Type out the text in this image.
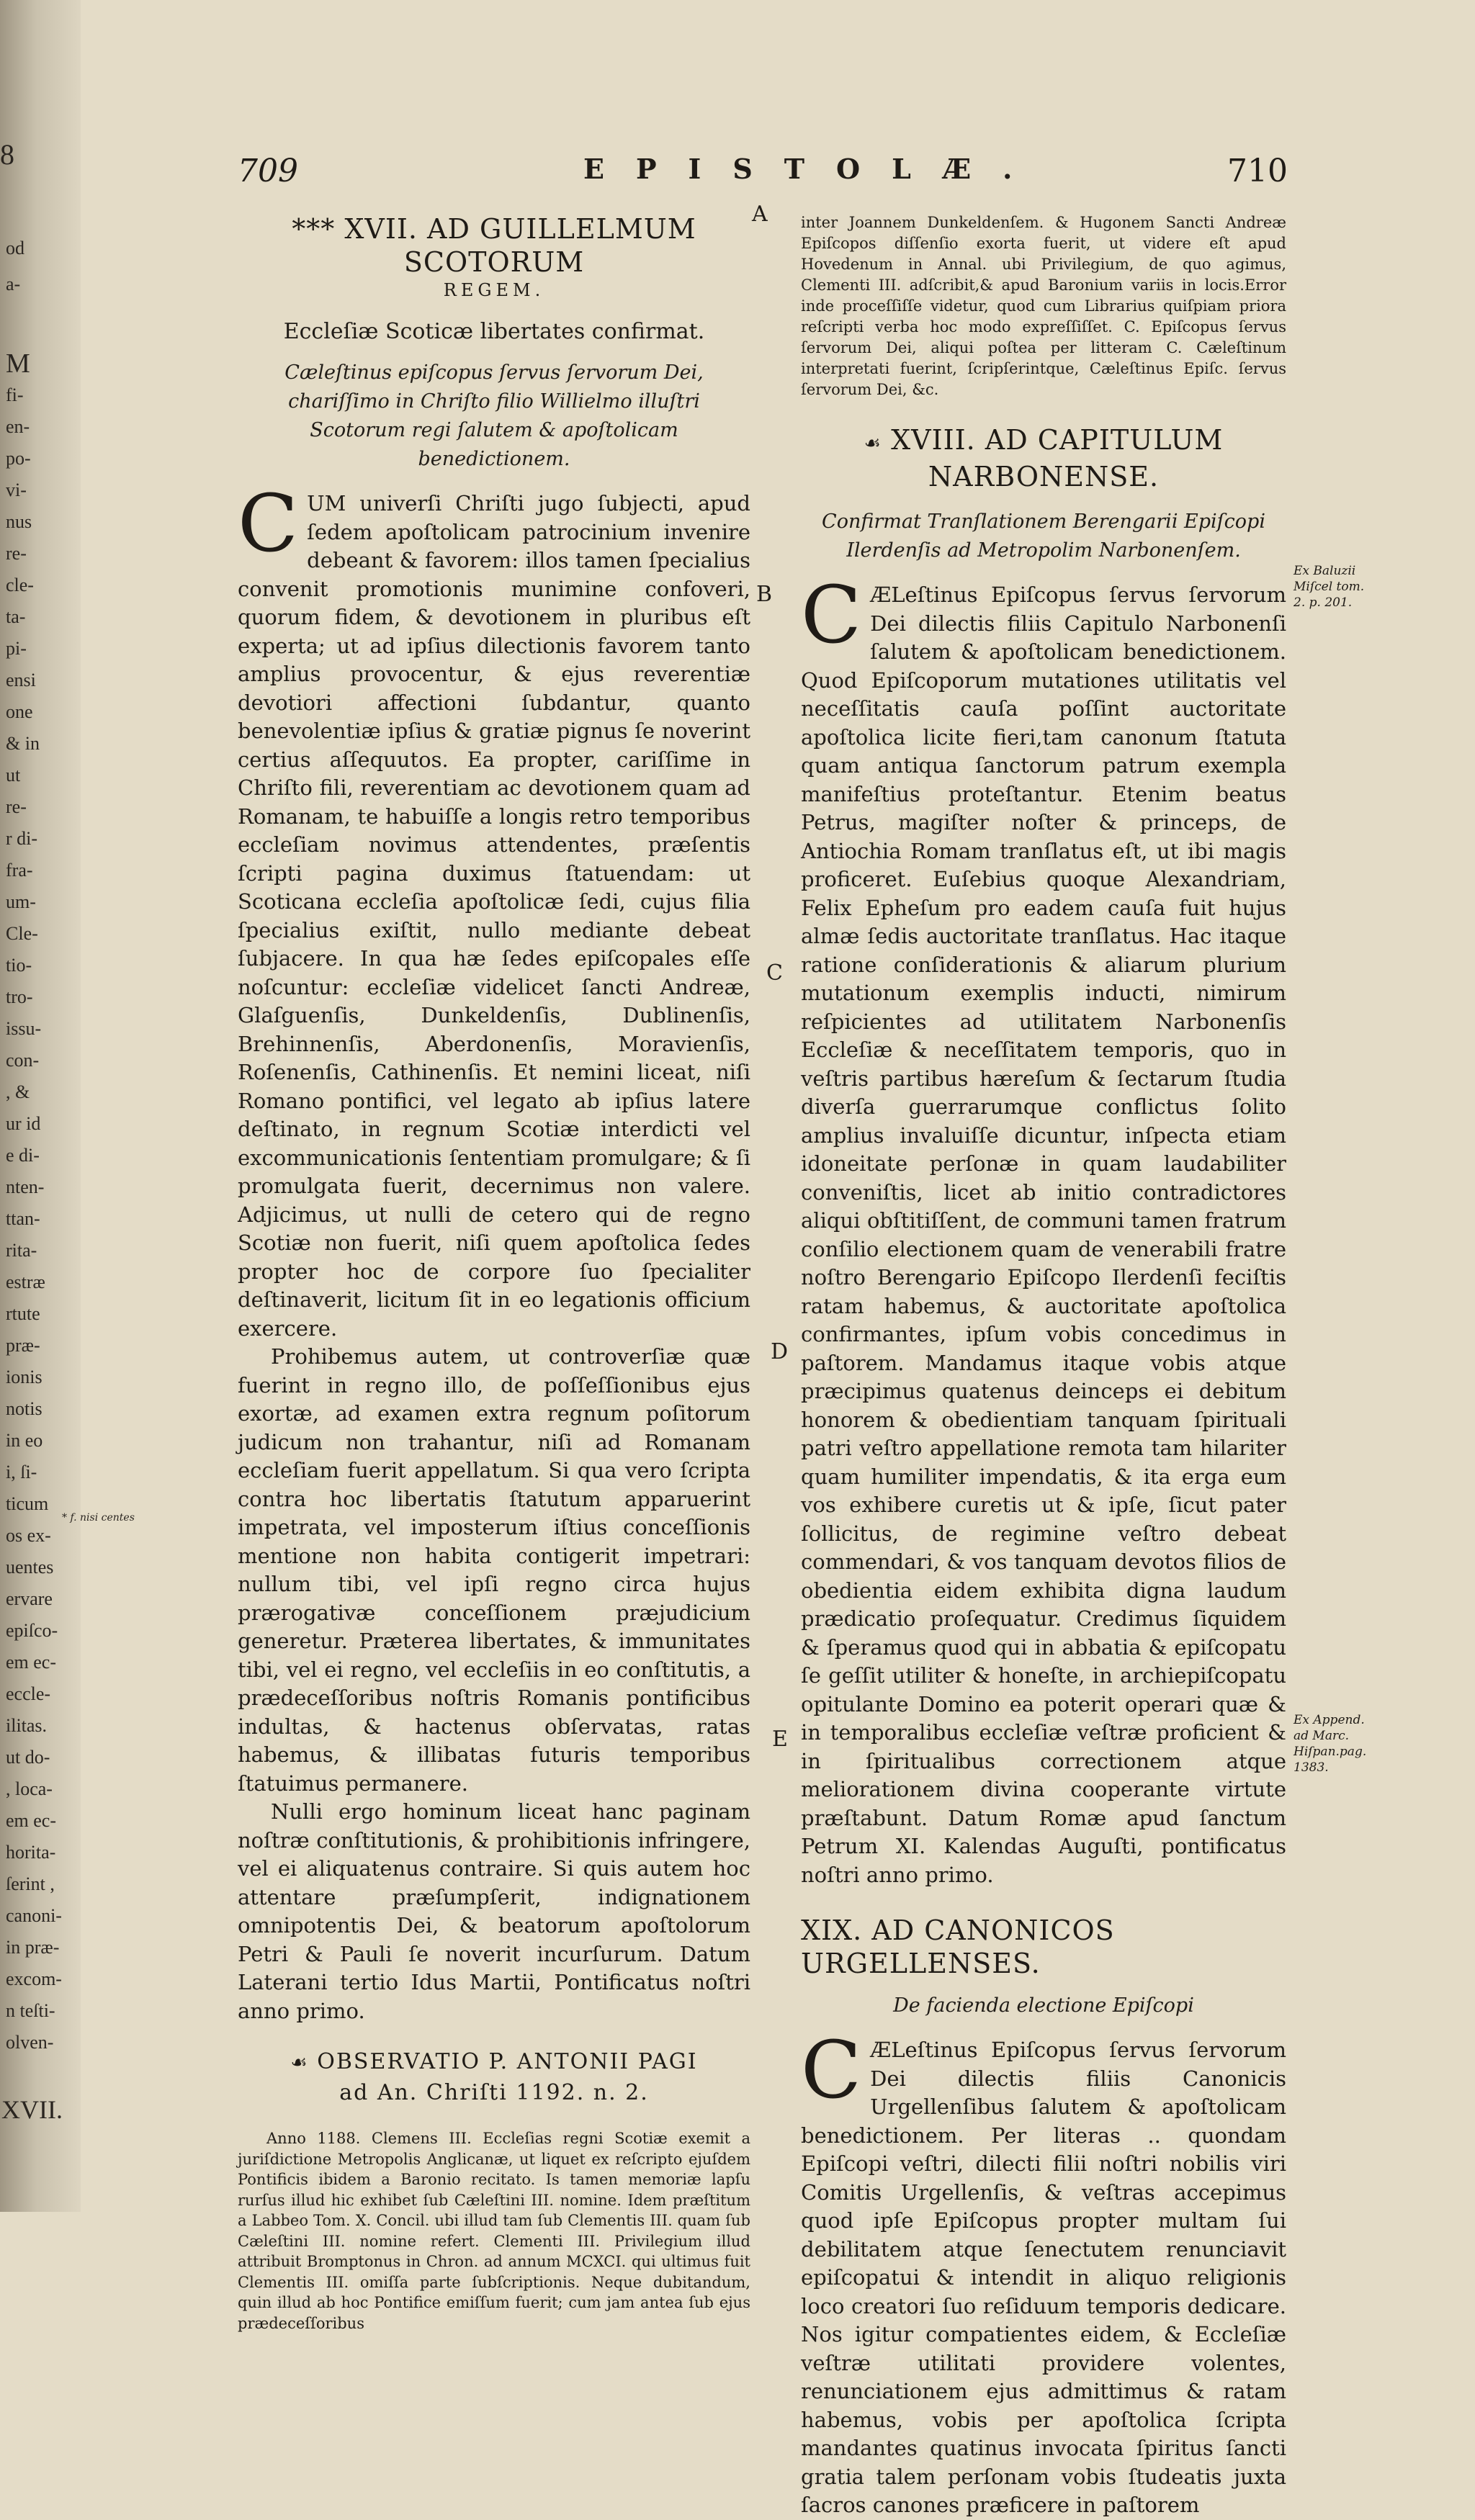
8
od
a-
M
fi-
en-
po-
vi-
nus
re-
cle-
ta-
pi-
ensi
one
& in
ut
re-
r di-
fra-
um-
Cle-
tio-
tro-
issu-
con-
, &
ur id
e di-
nten-
ttan-
rita-
estræ
rtute
præ-
ionis
notis
in eo
i, ſi-
ticum
os ex-
uentes
ervare
epiſco-
em ec-
eccle-
ilitas.
ut do-
, loca-
em ec-
horita-
ſerint ,
canoni-
in præ-
excom-
n teſti-
olven-
XVII.
* f. nisi centes
709	EPISTOLÆ.	710
*** XVII. AD GUILLELMUM SCOTORUM
REGEM.
Eccleſiæ Scoticæ libertates confirmat.
Cæleſtinus epiſcopus ſervus ſervorum Dei, chariſſimo in Chriſto filio Willielmo illuſtri Scotorum regi ſalutem & apoſtolicam benedictionem.
C UM univerſi Chriſti jugo ſubjecti, apud ſedem apoſtolicam patrocinium invenire debeant & favorem: illos tamen ſpecialius convenit promotionis munimine confoveri, quorum fidem, & devotionem in pluribus eſt experta; ut ad ipſius dilectionis favorem tanto amplius provocentur, & ejus reverentiæ devotiori affectioni ſubdantur, quanto benevolentiæ ipſius & gratiæ pignus ſe noverint certius aſſequutos. Ea propter, cariſſime in Chriſto fili, reverentiam ac devotionem quam ad Romanam, te habuiſſe a longis retro temporibus eccleſiam novimus attendentes, præſentis ſcripti pagina duximus ſtatuendam: ut Scoticana eccleſia apoſtolicæ ſedi, cujus filia ſpecialius exiſtit, nullo mediante debeat ſubjacere. In qua hæ ſedes epiſcopales eſſe noſcuntur: eccleſiæ videlicet ſancti Andreæ, Glaſguenſis, Dunkeldenſis, Dublinenſis, Brehinnenſis, Aberdonenſis, Moravienſis, Roſenenſis, Cathinenſis. Et nemini liceat, niſi Romano pontifici, vel legato ab ipſius latere deſtinato, in regnum Scotiæ interdicti vel excommunicationis ſententiam promulgare; & ſi promulgata fuerit, decernimus non valere. Adjicimus, ut nulli de cetero qui de regno Scotiæ non fuerit, niſi quem apoſtolica ſedes propter hoc de corpore ſuo ſpecialiter deſtinaverit, licitum ſit in eo legationis officium exercere.

Prohibemus autem, ut controverſiæ quæ fuerint in regno illo, de poſſeſſionibus ejus exortæ, ad examen extra regnum poſitorum judicum non trahantur, niſi ad Romanam eccleſiam fuerit appellatum. Si qua vero ſcripta contra hoc libertatis ſtatutum apparuerint impetrata, vel imposterum iſtius conceſſionis mentione non habita contigerit impetrari: nullum tibi, vel ipſi regno circa hujus prærogativæ conceſſionem præjudicium generetur. Præterea libertates, & immunitates tibi, vel ei regno, vel eccleſiis in eo conſtitutis, a prædeceſſoribus noſtris Romanis pontificibus indultas, & hactenus obſervatas, ratas habemus, & illibatas futuris temporibus ſtatuimus permanere.

Nulli ergo hominum liceat hanc paginam noſtræ conſtitutionis, & prohibitionis infringere, vel ei aliquatenus contraire. Si quis autem hoc attentare præſumpſerit, indignationem omnipotentis Dei, & beatorum apoſtolorum Petri & Pauli ſe noverit incurſurum. Datum Laterani tertio Idus Martii, Pontificatus noſtri anno primo.

☙ OBSERVATIO P. ANTONII PAGI
ad An. Chriſti 1192. n. 2.

Anno 1188. Clemens III. Eccleſias regni Scotiæ exemit a juriſdictione Metropolis Anglicanæ, ut liquet ex reſcripto ejuſdem Pontificis ibidem a Baronio recitato. Is tamen memoriæ lapſu rurſus illud hic exhibet ſub Cæleſtini III. nomine. Idem præſtitum a Labbeo Tom. X. Concil. ubi illud tam ſub Clementis III. quam ſub Cæleſtini III. nomine refert. Clementi III. Privilegium illud attribuit Bromptonus in Chron. ad annum MCXCI. qui ultimus fuit Clementis III. omiſſa parte ſubſcriptionis. Neque dubitandum, quin illud ab hoc Pontifice emiſſum fuerit; cum jam antea ſub ejus prædeceſſoribus

inter Joannem Dunkeldenſem. & Hugonem Sancti Andreæ Epiſcopos diſſenſio exorta fuerit, ut videre eſt apud Hovedenum in Annal. ubi Privilegium, de quo agimus, Clementi III. adſcribit,& apud Baronium variis in locis.Error inde proceſſiſſe videtur, quod cum Librarius quiſpiam priora reſcripti verba hoc modo expreſſiſſet. C. Epiſcopus ſervus ſervorum Dei, aliqui poſtea per litteram C. Cæleſtinum interpretati fuerint, ſcripſerintque, Cæleſtinus Epiſc. ſervus ſervorum Dei, &c.
☙ XVIII. AD CAPITULUM NARBONENSE.
Confirmat Tranſlationem Berengarii Epiſcopi Ilerdenſis ad Metropolim Narbonenſem.
C ÆLeſtinus Epiſcopus ſervus ſervorum Dei dilectis filiis Capitulo Narbonenſi ſalutem & apoſtolicam benedictionem. Quod Epiſcoporum mutationes utilitatis vel neceſſitatis cauſa poſſint auctoritate apoſtolica licite fieri,tam canonum ſtatuta quam antiqua ſanctorum patrum exempla manifeſtius proteſtantur. Etenim beatus Petrus, magiſter noſter & princeps, de Antiochia Romam tranſlatus eſt, ut ibi magis proficeret. Euſebius quoque Alexandriam, Felix Epheſum pro eadem cauſa fuit hujus almæ ſedis auctoritate tranſlatus. Hac itaque ratione conſiderationis & aliarum plurium mutationum exemplis inducti, nimirum reſpicientes ad utilitatem Narbonenſis Eccleſiæ & neceſſitatem temporis, quo in veſtris partibus hæreſum & ſectarum ſtudia diverſa guerrarumque conflictus ſolito amplius invaluiſſe dicuntur, inſpecta etiam idoneitate perſonæ in quam laudabiliter conveniſtis, licet ab initio contradictores aliqui obſtitiſſent, de communi tamen fratrum conſilio electionem quam de venerabili fratre noſtro Berengario Epiſcopo Ilerdenſi feciſtis ratam habemus, & auctoritate apoſtolica confirmantes, ipſum vobis concedimus in paſtorem. Mandamus itaque vobis atque præcipimus quatenus deinceps ei debitum honorem & obedientiam tanquam ſpirituali patri veſtro appellatione remota tam hilariter quam humiliter impendatis, & ita erga eum vos exhibere curetis ut & ipſe, ſicut pater ſollicitus, de regimine veſtro debeat commendari, & vos tanquam devotos filios de obedientia eidem exhibita digna laudum prædicatio proſequatur. Credimus ſiquidem & ſperamus quod qui in abbatia & epiſcopatu ſe geſſit utiliter & honeſte, in archiepiſcopatu opitulante Domino ea poterit operari quæ & in temporalibus eccleſiæ veſtræ proficient & in ſpiritualibus correctionem atque meliorationem divina cooperante virtute præſtabunt. Datum Romæ apud ſanctum Petrum XI. Kalendas Auguſti, pontificatus noſtri anno primo.

XIX. AD CANONICOS URGELLENSES.
De facienda electione Epiſcopi
C ÆLeſtinus Epiſcopus ſervus ſervorum Dei dilectis filiis Canonicis Urgellenſibus ſalutem & apoſtolicam benedictionem. Per literas .. quondam Epiſcopi veſtri, dilecti filii noſtri nobilis viri Comitis Urgellenſis, & veſtras accepimus quod ipſe Epiſcopus propter multam ſui debilitatem atque ſenectutem renunciavit epiſcopatui & intendit in aliquo religionis loco creatori ſuo reſiduum temporis dedicare. Nos igitur compatientes eidem, & Eccleſiæ veſtræ utilitati providere volentes, renunciationem ejus admittimus & ratam habemus, vobis per apoſtolica ſcripta mandantes quatinus invocata ſpiritus ſancti gratia talem perſonam vobis ſtudeatis juxta ſacros canones præficere in paſtorem

Ex Baluzii Miſcel tom. 2. p. 201.
Ex Append. ad Marc. Hiſpan.pag. 1383.
A
B
C
D
E
